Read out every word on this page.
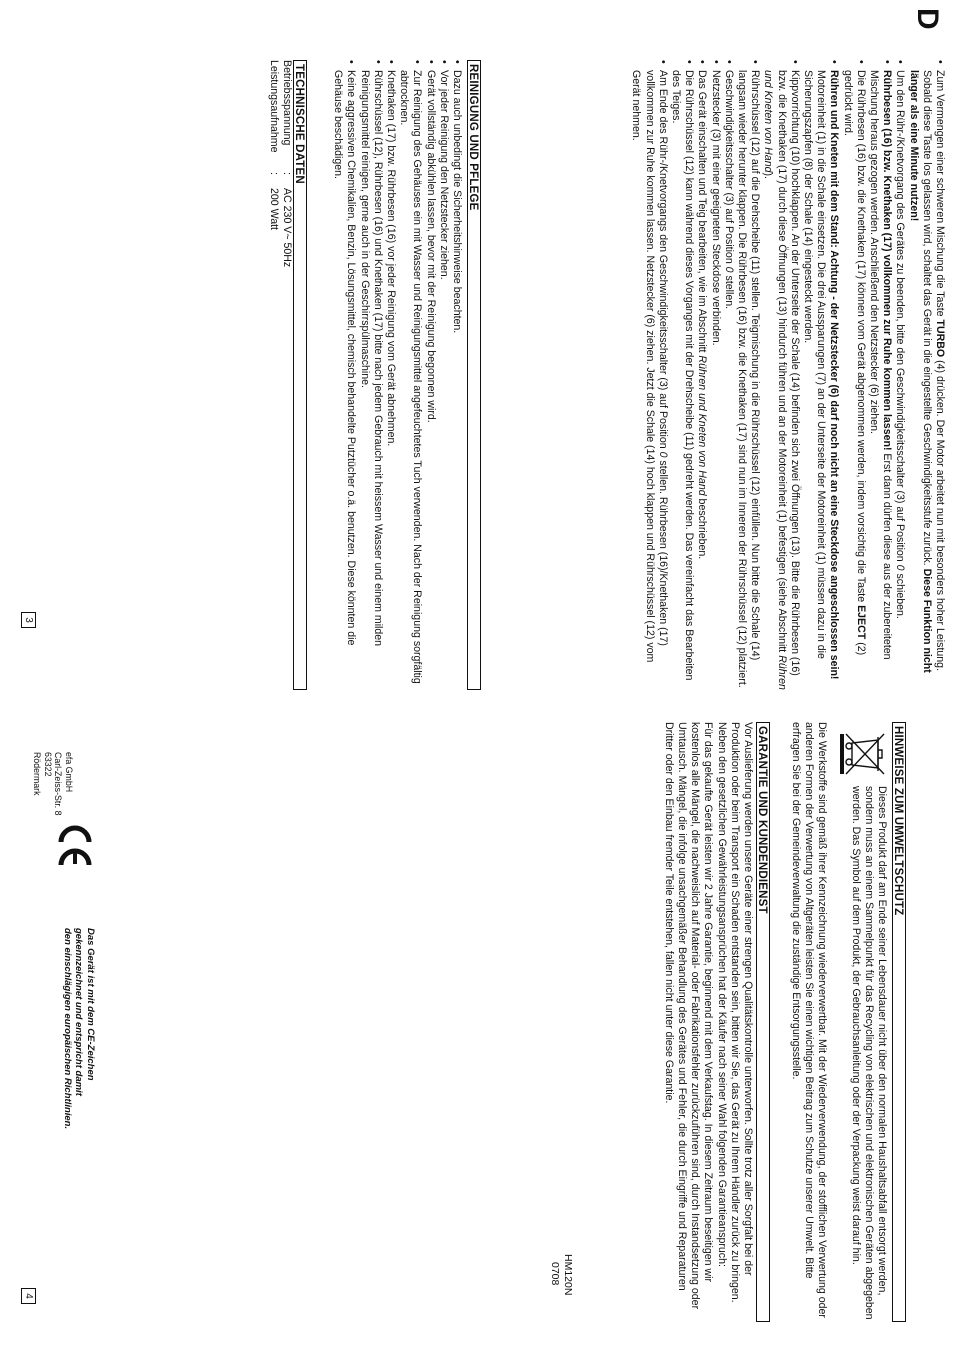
D
• Zum Vermengen einer schweren Mischung die Taste TURBO (4) drücken. Der Motor arbeitet nun mit besonders hoher Leistung. Sobald diese Taste los gelassen wird, schaltet das Gerät in die eingestellte Geschwindigkeitsstufe zurück. Diese Funktion nicht länger als eine Minute nutzen!
• Um den Rühr-/Knetvorgang des Gerätes zu beenden, bitte den Geschwindigkeitsschalter (3) auf Position 0 schieben.
• Rührbesen (16) bzw. Knethaken (17) vollkommen zur Ruhe kommen lassen! Erst dann dürfen diese aus der zubereiteten Mischung heraus gezogen werden. Anschließend den Netzstecker (6) ziehen.
• Die Rührbesen (16) bzw. die Knethaken (17) können vom Gerät abgenommen werden, indem vorsichtig die Taste EJECT (2) gedrückt wird.
• Rühren und Kneten mit dem Stand: Achtung - der Netzstecker (6) darf noch nicht an eine Steckdose angeschlossen sein! Motoreinheit (1) in die Schale einsetzen. Die drei Aussparungen (7) an der Unterseite der Motoreinheit (1) müssen dazu in die Sicherungszapfen (8) der Schale (14) eingesteckt werden.
• Kippvorrichtung (10) hochklappen. An der Unterseite der Schale (14) befinden sich zwei Öffnungen (13). Bitte die Rührbesen (16) bzw. die Knethaken (17) durch diese Öffnungen (13) hindurch führen und an der Motoreinheit (1) befestigen (siehe Abschnitt Rühren und Kneten von Hand).
• Rührschüssel (12) auf die Drehscheibe (11) stellen. Teigmischung in die Rührschüssel (12) einfüllen. Nun bitte die Schale (14) langsam wieder herunter klappen. Die Rührbesen (16) bzw. die Knethaken (17) sind nun im Inneren der Rührschüssel (12) platziert.
• Geschwindigkeitsschalter (3) auf Position 0 stellen.
• Netzstecker (3) mit einer geeigneten Steckdose verbinden.
• Das Gerät einschalten und Teig bearbeiten, wie im Abschnitt Rühren und Kneten von Hand beschrieben.
• Die Rührschüssel (12) kann während dieses Vorganges mit der Drehscheibe (11) gedreht werden. Das vereinfacht das Bearbeiten des Teiges.
• Am Ende des Rühr-/Knetvorgangs den Geschwindigkeitsschalter (3) auf Position 0 stellen. Rührbesen (16)/Knethaken (17) vollkommen zur Ruhe kommen lassen. Netzstecker (6) ziehen. Jetzt die Schale (14) hoch klappen und Rührschüssel (12) vom Gerät nehmen.
REINIGUNG UND PFLEGE
• Dazu auch unbedingt die Sicherheitshinweise beachten.
• Vor jeder Reinigung den Netzstecker ziehen.
• Gerät vollständig abkühlen lassen, bevor mit der Reinigung begonnen wird.
• Zur Reinigung des Gehäuses ein mit Wasser und Reinigungsmittel angefeuchtetes Tuch verwenden. Nach der Reinigung sorgfältig abtrocknen.
• Knethaken (17) bzw. Rührbesen (16) vor jeder Reinigung vom Gerät abnehmen.
• Rührschüssel (12), Rührbesen (16) und Knethaken (17) bitte nach jedem Gebrauch mit heissem Wasser und einem milden Reinigungsmittel reinigen, gerne auch in der Geschirrspülmaschine.
• Keine aggressiven Chemikalien, Benzin, Lösungsmittel, chemisch behandelte Putztücher o.ä. benutzen. Diese könnten die Gehäuse beschädigen.
TECHNISCHE DATEN
Betriebsspannung
:
AC 230 V~ 50Hz
Leistungsaufnahme
:
200 Watt
3
HINWEISE ZUM UMWELTSCHUTZ

Dieses Produkt darf am Ende seiner Lebensdauer nicht über den normalen Haushaltsabfall entsorgt werden, sondern muss an einem Sammelpunkt für das Recycling von elektrischen und elektronischen Geräten abgegeben werden. Das Symbol auf dem Produkt, der Gebrauchsanleitung oder der Verpackung weist darauf hin.

Die Werkstoffe sind gemäß ihrer Kennzeichnung wiederverwertbar. Mit der Wiederverwendung, der stofflichen Verwertung oder anderen Formen der Verwertung von Altgeräten leisten Sie einen wichtigen Beitrag zum Schutze unserer Umwelt. Bitte erfragen Sie bei der Gemeindeverwaltung die zuständige Entsorgungsstelle.

GARANTIE UND KUNDENDIENST

Vor Auslieferung werden unsere Geräte einer strengen Qualitätskontrolle unterworfen. Sollte trotz aller Sorgfalt bei der Produktion oder beim Transport ein Schaden entstanden sein, bitten wir Sie, das Gerät zu Ihrem Händler zurück zu bringen.

Neben den gesetzlichen Gewährleistungsansprüchen hat der Käufer nach seiner Wahl folgenden Garantieanspruch:

Für das gekaufte Gerät leisten wir 2 Jahre Garantie, beginnend mit dem Verkaufstag. In diesem Zeitraum beseitigen wir kostenlos alle Mängel, die nachweislich auf Material- oder Fabrikationsfehler zurückzuführen sind, durch Instandsetzung oder Umtausch. Mängel, die infolge unsachgemäßer Behandlung des Gerätes und Fehler, die durch Eingriffe und Reparaturen Dritter oder den Einbau fremder Teile entstehen, fallen nicht unter diese Garantie.

HM120N
0708
Das Gerät ist mit dem CE-Zeichen
gekennzeichnet und entspricht damit
den einschlägigen europäischen Richtlinien.
efa GmbH
Carl-Zeiss-Str. 8
63322 Rödermark
4
